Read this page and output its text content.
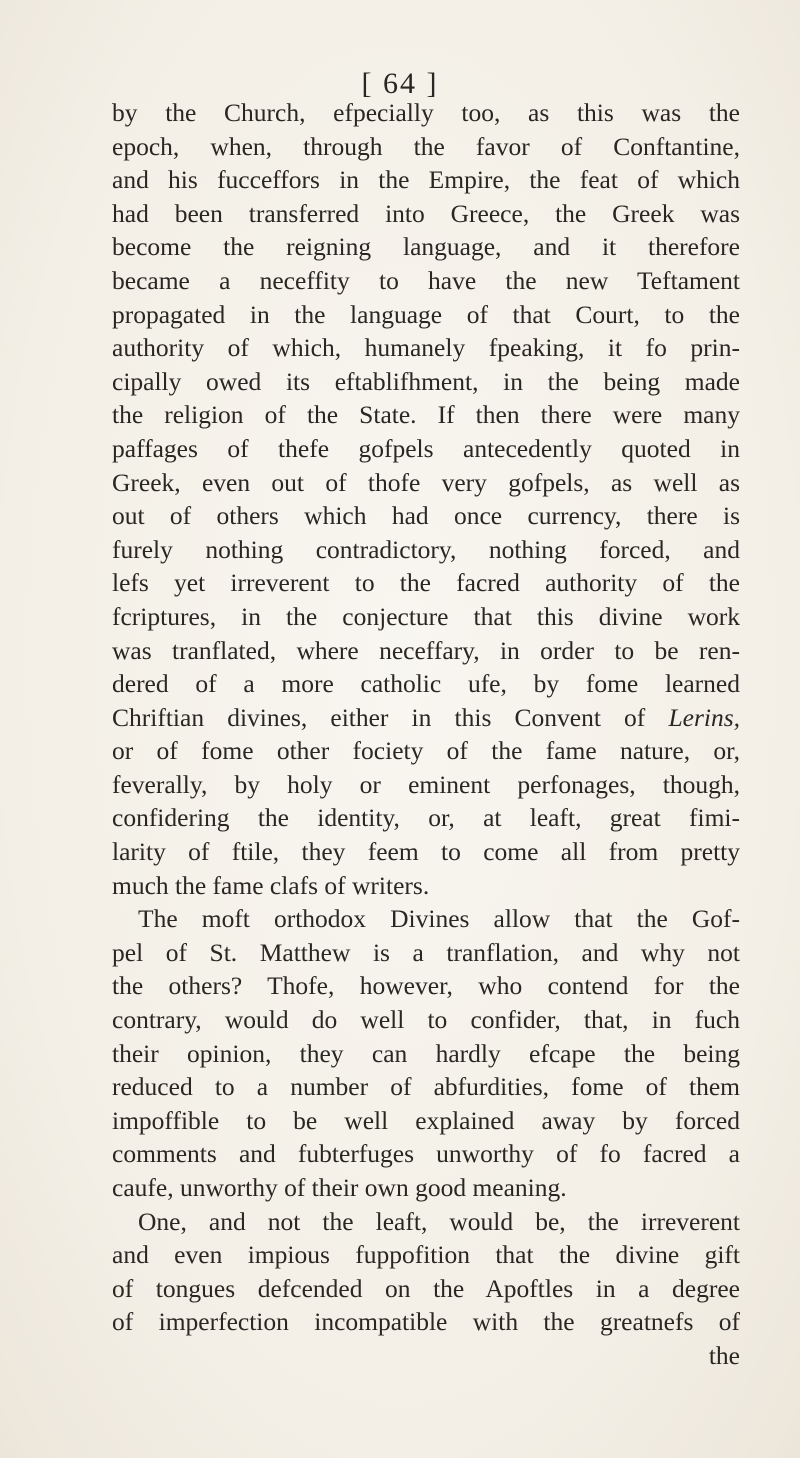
[ 64 ]
by the Church, efpecially too, as this was the
epoch, when, through the favor of Conftantine,
and his fucceffors in the Empire, the feat of which
had been transferred into Greece, the Greek was
become the reigning language, and it therefore
became a neceffity to have the new Teftament
propagated in the language of that Court, to the
authority of which, humanely fpeaking, it fo prin-
cipally owed its eftablifhment, in the being made
the religion of the State. If then there were many
paffages of thefe gofpels antecedently quoted in
Greek, even out of thofe very gofpels, as well as
out of others which had once currency, there is
furely nothing contradictory, nothing forced, and
lefs yet irreverent to the facred authority of the
fcriptures, in the conjecture that this divine work
was tranflated, where neceffary, in order to be ren-
dered of a more catholic ufe, by fome learned
Chriftian divines, either in this Convent of Lerins,
or of fome other fociety of the fame nature, or,
feverally, by holy or eminent perfonages, though,
confidering the identity, or, at leaft, great fimi-
larity of ftile, they feem to come all from pretty
much the fame clafs of writers.
The moft orthodox Divines allow that the Gof-
pel of St. Matthew is a tranflation, and why not
the others? Thofe, however, who contend for the
contrary, would do well to confider, that, in fuch
their opinion, they can hardly efcape the being
reduced to a number of abfurdities, fome of them
impoffible to be well explained away by forced
comments and fubterfuges unworthy of fo facred a
caufe, unworthy of their own good meaning.
One, and not the leaft, would be, the irreverent
and even impious fuppofition that the divine gift
of tongues defcended on the Apoftles in a degree
of imperfection incompatible with the greatnefs of
the
